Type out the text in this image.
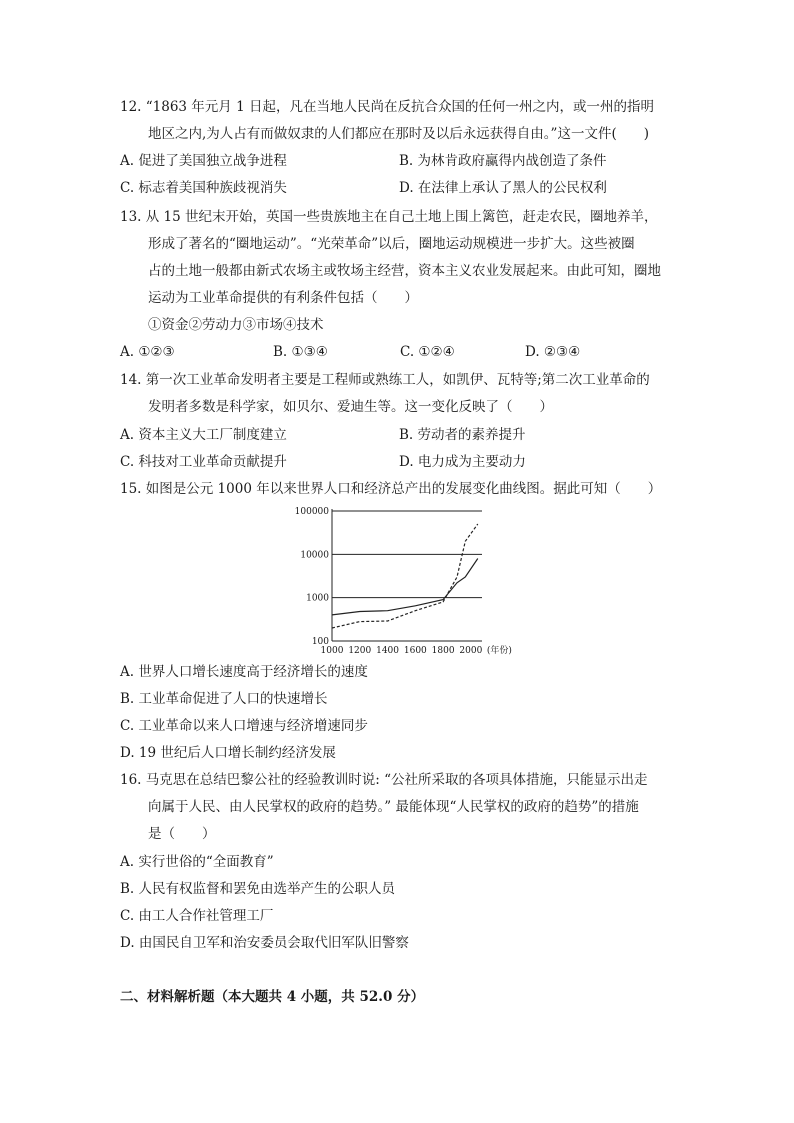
12. “1863 年元月 1 日起，凡在当地人民尚在反抗合众国的任何一州之内，或一州的指明
地区之内,为人占有而做奴隶的人们都应在那时及以后永远获得自由。”这一文件(　　)
A. 促进了美国独立战争进程	B. 为林肯政府赢得内战创造了条件
C. 标志着美国种族歧视消失	D. 在法律上承认了黑人的公民权利
13. 从 15 世纪末开始，英国一些贵族地主在自己土地上围上篱笆，赶走农民，圈地养羊，
形成了著名的“圈地运动”。“光荣革命”以后，圈地运动规模进一步扩大。这些被圈
占的土地一般都由新式农场主或牧场主经营，资本主义农业发展起来。由此可知，圈地
运动为工业革命提供的有利条件包括（　　）
①资金②劳动力③市场④技术
A. ①②③	B. ①③④	C. ①②④	D. ②③④
14. 第一次工业革命发明者主要是工程师或熟练工人，如凯伊、瓦特等;第二次工业革命的
发明者多数是科学家，如贝尔、爱迪生等。这一变化反映了（　　）
A. 资本主义大工厂制度建立	B. 劳动者的素养提升
C. 科技对工业革命贡献提升	D. 电力成为主要动力
15. 如图是公元 1000 年以来世界人口和经济总产出的发展变化曲线图。据此可知（　　）
100000
10000
1000
100
1000 1200 1400 1600 1800 2000 (年份)
A. 世界人口增长速度高于经济增长的速度
B. 工业革命促进了人口的快速增长
C. 工业革命以来人口增速与经济增速同步
D. 19 世纪后人口增长制约经济发展
16. 马克思在总结巴黎公社的经验教训时说: “公社所采取的各项具体措施，只能显示出走
向属于人民、由人民掌权的政府的趋势。” 最能体现“人民掌权的政府的趋势”的措施
是（　　）
A. 实行世俗的“全面教育”
B. 人民有权监督和罢免由选举产生的公职人员
C. 由工人合作社管理工厂
D. 由国民自卫军和治安委员会取代旧军队旧警察
二、材料解析题（本大题共 4 小题，共 52.0 分）
